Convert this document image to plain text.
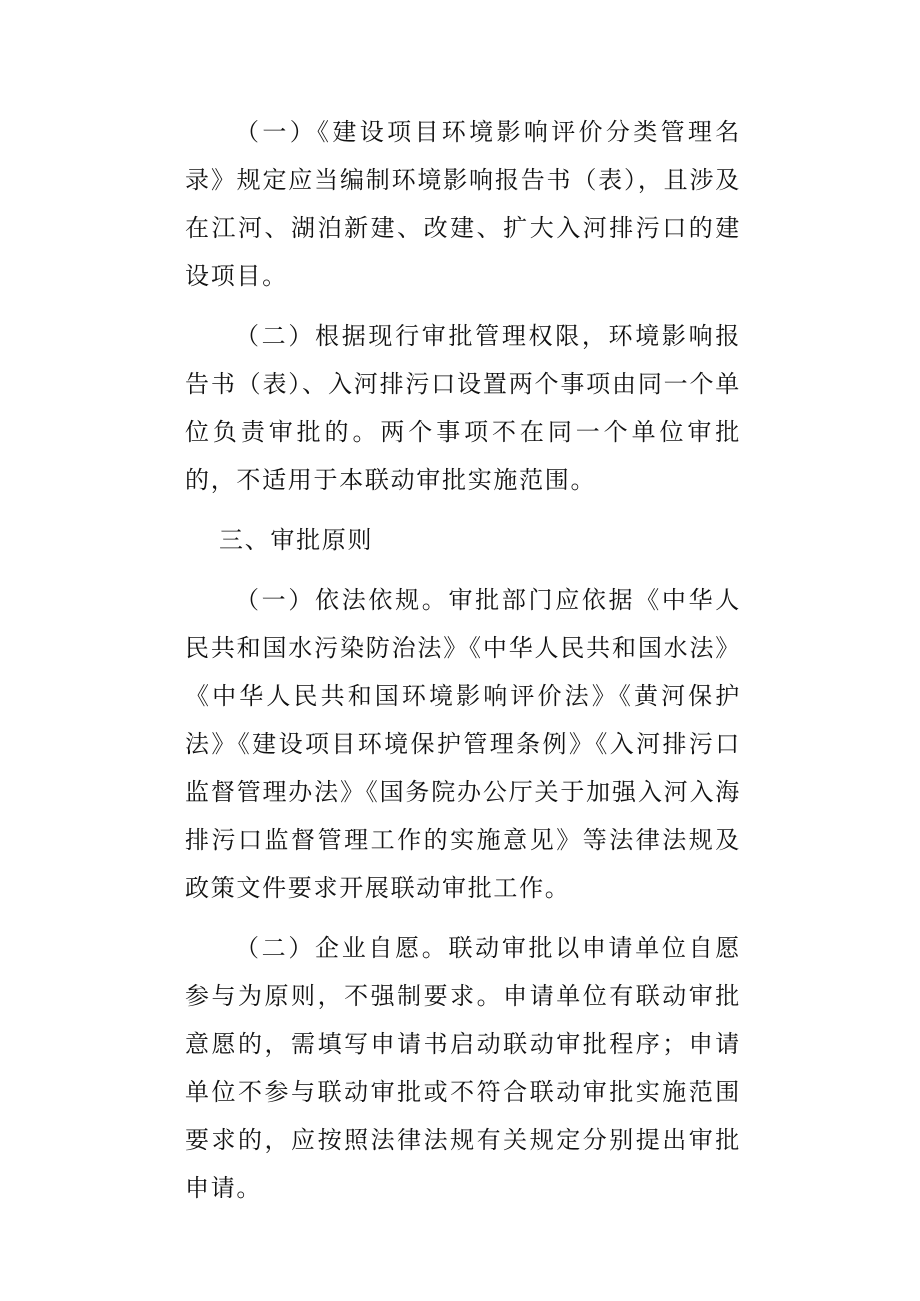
（一）《建设项目环境影响评价分类管理名录》规定应当编制环境影响报告书（表），且涉及在江河、湖泊新建、改建、扩大入河排污口的建设项目。

（二）根据现行审批管理权限，环境影响报告书（表）、入河排污口设置两个事项由同一个单位负责审批的。两个事项不在同一个单位审批的，不适用于本联动审批实施范围。

三、审批原则

（一）依法依规。审批部门应依据《中华人民共和国水污染防治法》《中华人民共和国水法》《中华人民共和国环境影响评价法》《黄河保护法》《建设项目环境保护管理条例》《入河排污口监督管理办法》《国务院办公厅关于加强入河入海排污口监督管理工作的实施意见》等法律法规及政策文件要求开展联动审批工作。

（二）企业自愿。联动审批以申请单位自愿参与为原则，不强制要求。申请单位有联动审批意愿的，需填写申请书启动联动审批程序；申请单位不参与联动审批或不符合联动审批实施范围要求的，应按照法律法规有关规定分别提出审批申请。
